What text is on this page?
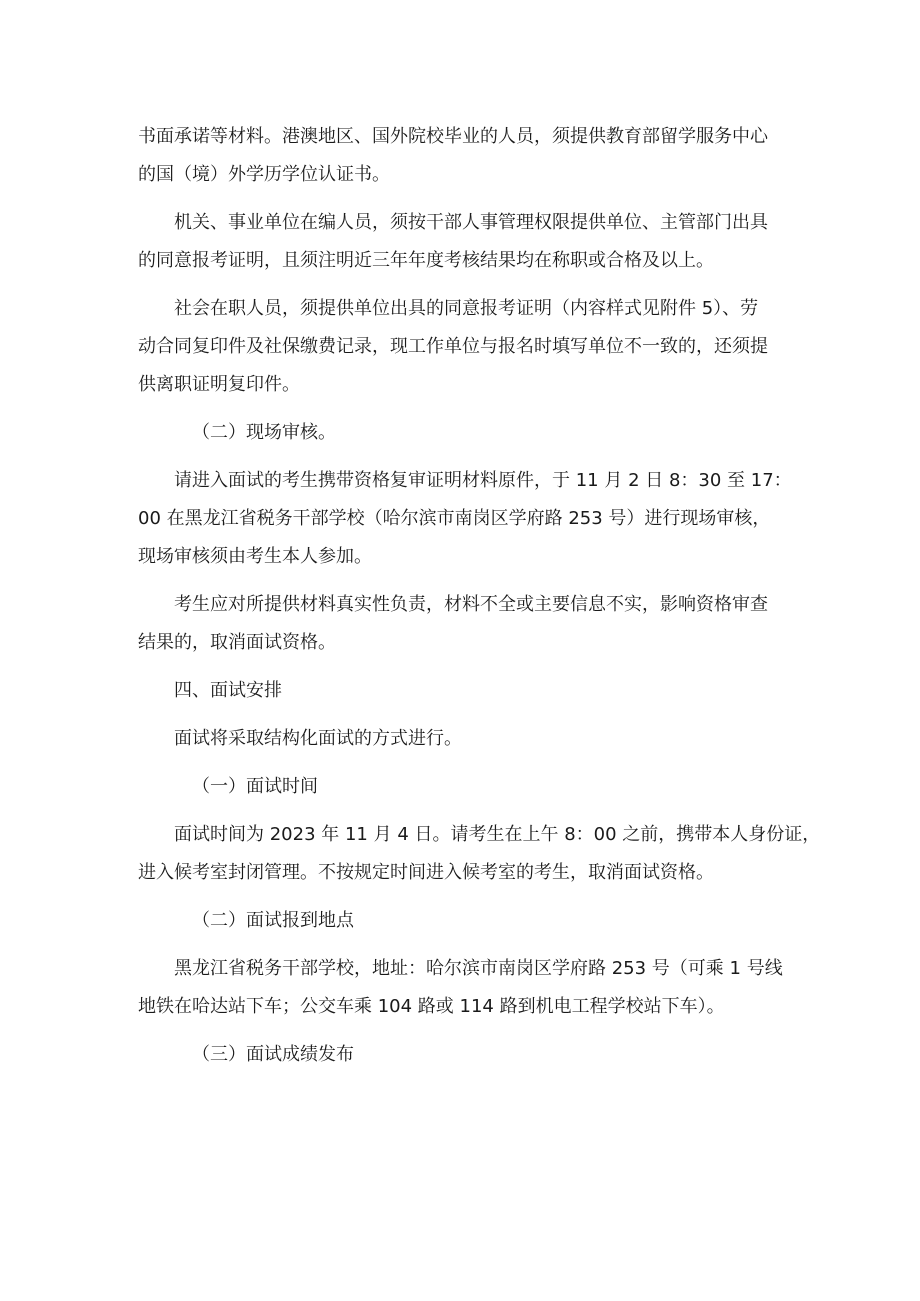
书面承诺等材料。港澳地区、国外院校毕业的人员，须提供教育部留学服务中心
的国（境）外学历学位认证书。

机关、事业单位在编人员，须按干部人事管理权限提供单位、主管部门出具
的同意报考证明，且须注明近三年年度考核结果均在称职或合格及以上。

社会在职人员，须提供单位出具的同意报考证明（内容样式见附件 5）、劳
动合同复印件及社保缴费记录，现工作单位与报名时填写单位不一致的，还须提
供离职证明复印件。

（二）现场审核。

请进入面试的考生携带资格复审证明材料原件，于 11 月 2 日 8：30 至 17：
00 在黑龙江省税务干部学校（哈尔滨市南岗区学府路 253 号）进行现场审核，
现场审核须由考生本人参加。

考生应对所提供材料真实性负责，材料不全或主要信息不实，影响资格审查
结果的，取消面试资格。

四、面试安排

面试将采取结构化面试的方式进行。

（一）面试时间

面试时间为 2023 年 11 月 4 日。请考生在上午 8：00 之前，携带本人身份证，
进入候考室封闭管理。不按规定时间进入候考室的考生，取消面试资格。

（二）面试报到地点

黑龙江省税务干部学校，地址：哈尔滨市南岗区学府路 253 号（可乘 1 号线
地铁在哈达站下车；公交车乘 104 路或 114 路到机电工程学校站下车）。

（三）面试成绩发布
